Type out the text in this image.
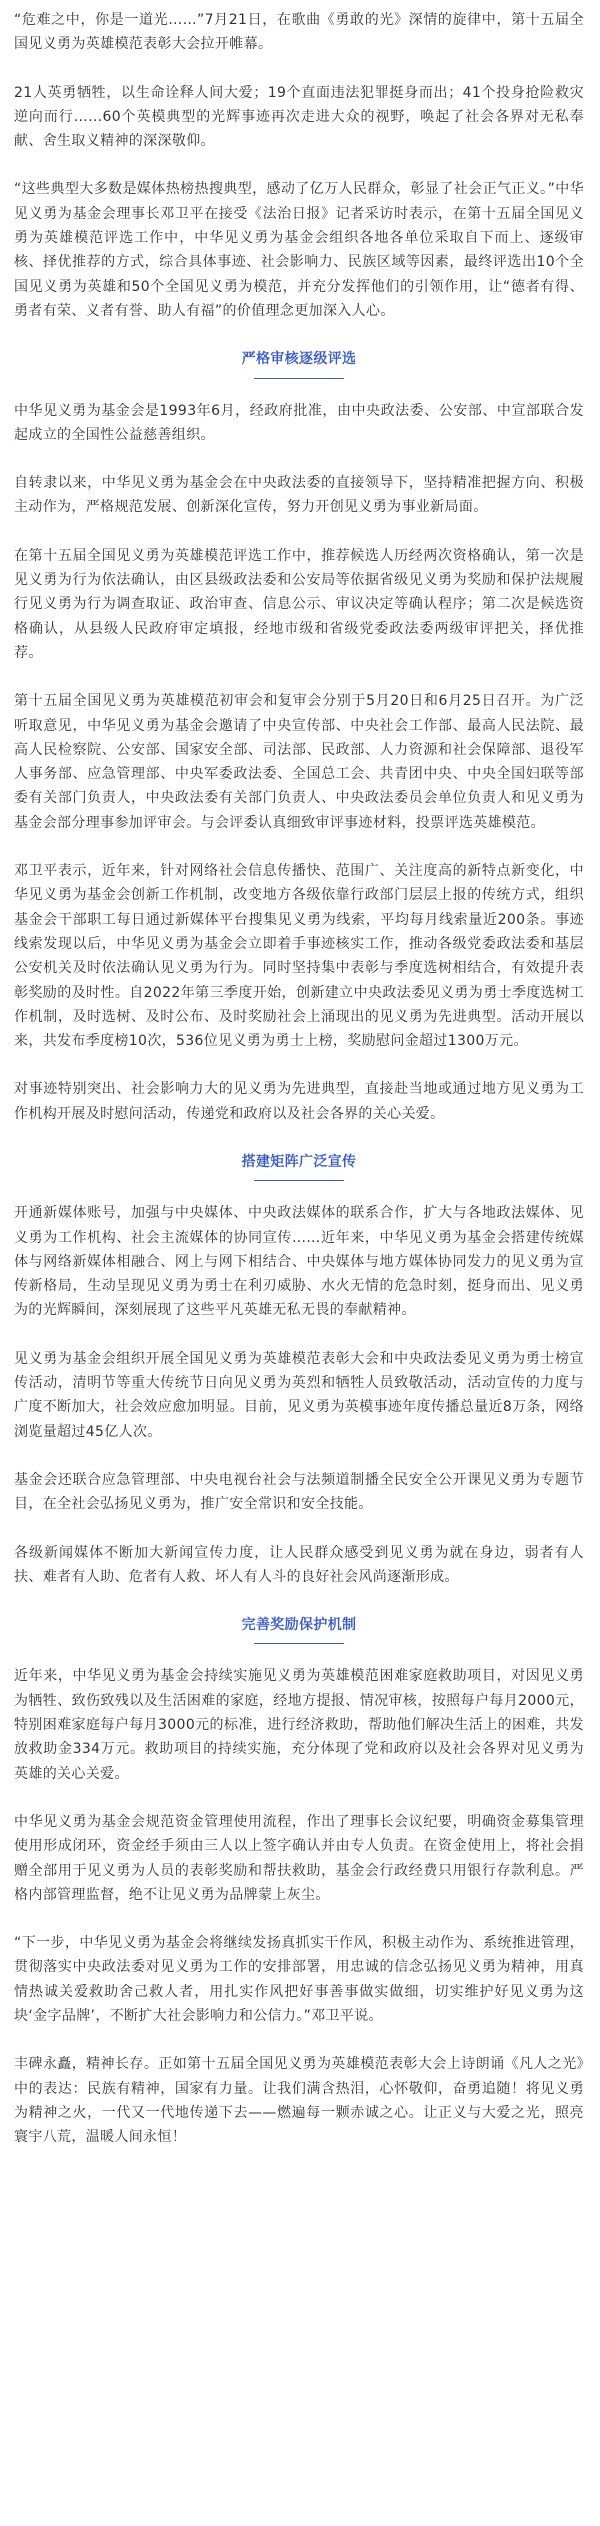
“危难之中，你是一道光……”7月21日，在歌曲《勇敢的光》深情的旋律中，第十五届全国见义勇为英雄模范表彰大会拉开帷幕。

21人英勇牺牲，以生命诠释人间大爱；19个直面违法犯罪挺身而出；41个投身抢险救灾逆向而行……60个英模典型的光辉事迹再次走进大众的视野，唤起了社会各界对无私奉献、舍生取义精神的深深敬仰。

“这些典型大多数是媒体热榜热搜典型，感动了亿万人民群众，彰显了社会正气正义。”中华见义勇为基金会理事长邓卫平在接受《法治日报》记者采访时表示，在第十五届全国见义勇为英雄模范评选工作中，中华见义勇为基金会组织各地各单位采取自下而上、逐级审核、择优推荐的方式，综合具体事迹、社会影响力、民族区域等因素，最终评选出10个全国见义勇为英雄和50个全国见义勇为模范，并充分发挥他们的引领作用，让“德者有得、勇者有荣、义者有誉、助人有福”的价值理念更加深入人心。

严格审核逐级评选

中华见义勇为基金会是1993年6月，经政府批准，由中央政法委、公安部、中宣部联合发起成立的全国性公益慈善组织。

自转隶以来，中华见义勇为基金会在中央政法委的直接领导下，坚持精准把握方向、积极主动作为，严格规范发展、创新深化宣传，努力开创见义勇为事业新局面。

在第十五届全国见义勇为英雄模范评选工作中，推荐候选人历经两次资格确认，第一次是见义勇为行为依法确认，由区县级政法委和公安局等依据省级见义勇为奖励和保护法规履行见义勇为行为调查取证、政治审查、信息公示、审议决定等确认程序；第二次是候选资格确认，从县级人民政府审定填报，经地市级和省级党委政法委两级审评把关，择优推荐。

第十五届全国见义勇为英雄模范初审会和复审会分别于5月20日和6月25日召开。为广泛听取意见，中华见义勇为基金会邀请了中央宣传部、中央社会工作部、最高人民法院、最高人民检察院、公安部、国家安全部、司法部、民政部、人力资源和社会保障部、退役军人事务部、应急管理部、中央军委政法委、全国总工会、共青团中央、中央全国妇联等部委有关部门负责人，中央政法委有关部门负责人、中央政法委员会单位负责人和见义勇为基金会部分理事参加评审会。与会评委认真细致审评事迹材料，投票评选英雄模范。

邓卫平表示，近年来，针对网络社会信息传播快、范围广、关注度高的新特点新变化，中华见义勇为基金会创新工作机制，改变地方各级依靠行政部门层层上报的传统方式，组织基金会干部职工每日通过新媒体平台搜集见义勇为线索，平均每月线索量近200条。事迹线索发现以后，中华见义勇为基金会立即着手事迹核实工作，推动各级党委政法委和基层公安机关及时依法确认见义勇为行为。同时坚持集中表彰与季度选树相结合，有效提升表彰奖励的及时性。自2022年第三季度开始，创新建立中央政法委见义勇为勇士季度选树工作机制，及时选树、及时公布、及时奖励社会上涌现出的见义勇为先进典型。活动开展以来，共发布季度榜10次，536位见义勇为勇士上榜，奖励慰问金超过1300万元。

对事迹特别突出、社会影响力大的见义勇为先进典型，直接赴当地或通过地方见义勇为工作机构开展及时慰问活动，传递党和政府以及社会各界的关心关爱。

搭建矩阵广泛宣传

开通新媒体账号，加强与中央媒体、中央政法媒体的联系合作，扩大与各地政法媒体、见义勇为工作机构、社会主流媒体的协同宣传……近年来，中华见义勇为基金会搭建传统媒体与网络新媒体相融合、网上与网下相结合、中央媒体与地方媒体协同发力的见义勇为宣传新格局，生动呈现见义勇为勇士在利刃威胁、水火无情的危急时刻，挺身而出、见义勇为的光辉瞬间，深刻展现了这些平凡英雄无私无畏的奉献精神。

见义勇为基金会组织开展全国见义勇为英雄模范表彰大会和中央政法委见义勇为勇士榜宣传活动，清明节等重大传统节日向见义勇为英烈和牺牲人员致敬活动，活动宣传的力度与广度不断加大，社会效应愈加明显。目前，见义勇为英模事迹年度传播总量近8万条，网络浏览量超过45亿人次。

基金会还联合应急管理部、中央电视台社会与法频道制播全民安全公开课见义勇为专题节目，在全社会弘扬见义勇为，推广安全常识和安全技能。

各级新闻媒体不断加大新闻宣传力度，让人民群众感受到见义勇为就在身边，弱者有人扶、难者有人助、危者有人救、坏人有人斗的良好社会风尚逐渐形成。

完善奖励保护机制

近年来，中华见义勇为基金会持续实施见义勇为英雄模范困难家庭救助项目，对因见义勇为牺牲、致伤致残以及生活困难的家庭，经地方提报、情况审核，按照每户每月2000元，特别困难家庭每户每月3000元的标准，进行经济救助，帮助他们解决生活上的困难，共发放救助金334万元。救助项目的持续实施，充分体现了党和政府以及社会各界对见义勇为英雄的关心关爱。

中华见义勇为基金会规范资金管理使用流程，作出了理事长会议纪要，明确资金募集管理使用形成闭环，资金经手须由三人以上签字确认并由专人负责。在资金使用上，将社会捐赠全部用于见义勇为人员的表彰奖励和帮扶救助，基金会行政经费只用银行存款利息。严格内部管理监督，绝不让见义勇为品牌蒙上灰尘。

“下一步，中华见义勇为基金会将继续发扬真抓实干作风，积极主动作为、系统推进管理，贯彻落实中央政法委对见义勇为工作的安排部署，用忠诚的信念弘扬见义勇为精神，用真情热诚关爱救助舍己救人者，用扎实作风把好事善事做实做细，切实维护好见义勇为这块‘金字品牌’，不断扩大社会影响力和公信力。”邓卫平说。

丰碑永矗，精神长存。正如第十五届全国见义勇为英雄模范表彰大会上诗朗诵《凡人之光》中的表达：民族有精神，国家有力量。让我们满含热泪，心怀敬仰，奋勇追随！将见义勇为精神之火，一代又一代地传递下去——燃遍每一颗赤诚之心。让正义与大爱之光，照亮寰宇八荒，温暖人间永恒！
